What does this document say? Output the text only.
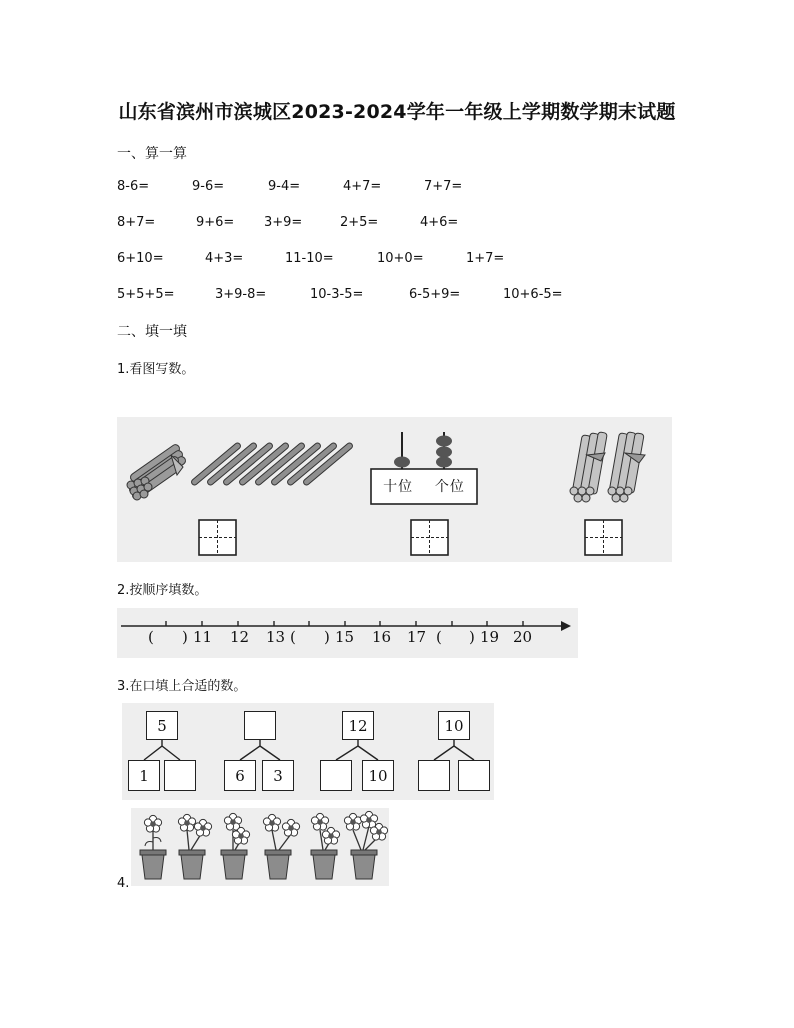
山东省滨州市滨城区2023-2024学年一年级上学期数学期末试题
一、算一算
8-6=	9-6=	9-4=	4+7=	7+7=
8+7=	9+6= 3+9=	2+5=	4+6=
6+10=	4+3=	11-10=	10+0=	1+7=
5+5+5=	3+9-8=	10-3-5=	6-5+9=	10+6-5=
二、填一填
1.看图写数。
十位 个位
2.按顺序填数。
( ) 11 12 13 ( ) 15 16 17 ( ) 19 20
3.在口填上合适的数。
5
1	6	3
12
10
10
4.
